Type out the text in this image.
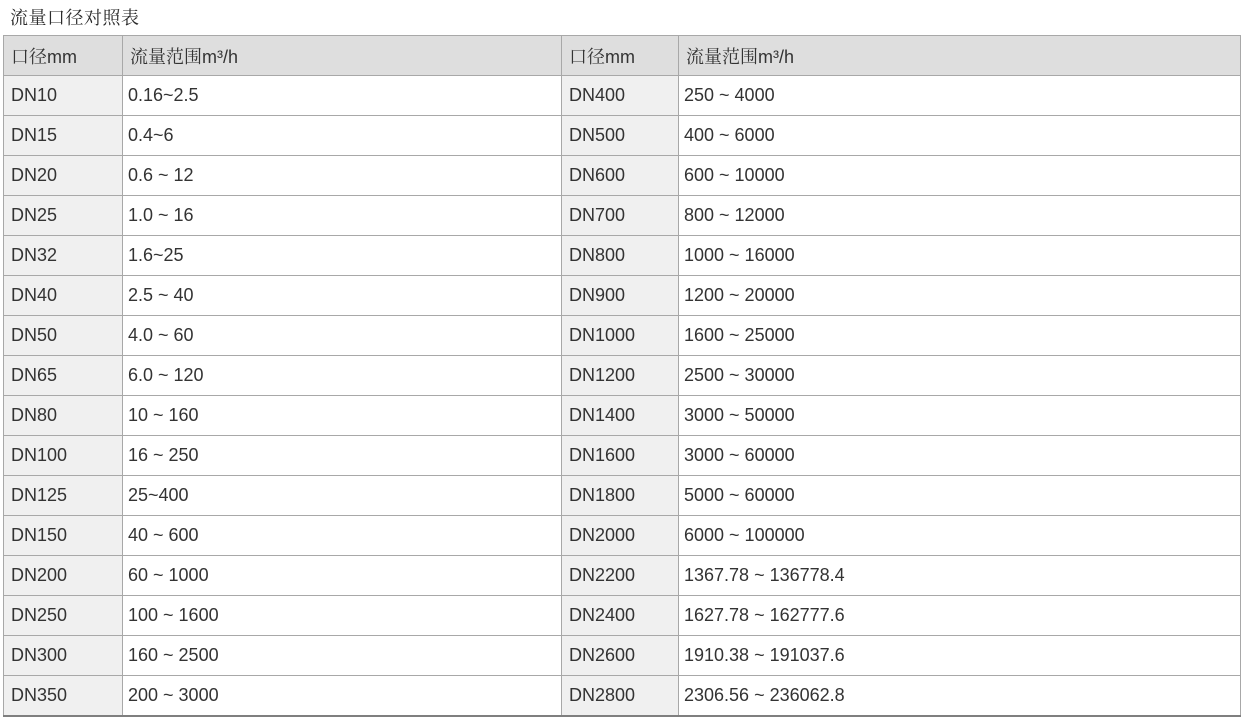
流量口径对照表
口径mm	流量范围m³/h	口径mm	流量范围m³/h
DN10	0.16~2.5	DN400	250 ~ 4000
DN15	0.4~6	DN500	400 ~ 6000
DN20	0.6 ~ 12	DN600	600 ~ 10000
DN25	1.0 ~ 16	DN700	800 ~ 12000
DN32	1.6~25	DN800	1000 ~ 16000
DN40	2.5 ~ 40	DN900	1200 ~ 20000
DN50	4.0 ~ 60	DN1000	1600 ~ 25000
DN65	6.0 ~ 120	DN1200	2500 ~ 30000
DN80	10 ~ 160	DN1400	3000 ~ 50000
DN100	16 ~ 250	DN1600	3000 ~ 60000
DN125	25~400	DN1800	5000 ~ 60000
DN150	40 ~ 600	DN2000	6000 ~ 100000
DN200	60 ~ 1000	DN2200	1367.78 ~ 136778.4
DN250	100 ~ 1600	DN2400	1627.78 ~ 162777.6
DN300	160 ~ 2500	DN2600	1910.38 ~ 191037.6
DN350	200 ~ 3000	DN2800	2306.56 ~ 236062.8
